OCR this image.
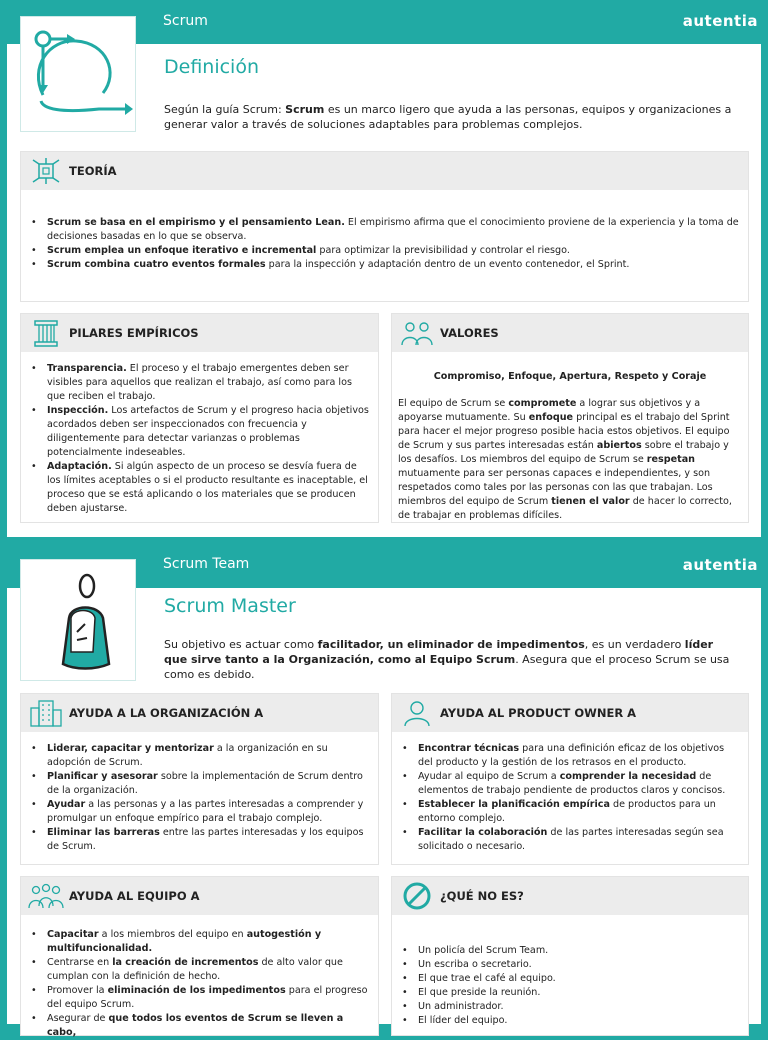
Scrum	autentia
Definición
Según la guía Scrum: Scrum es un marco ligero que ayuda a las personas, equipos y organizaciones a generar valor a través de soluciones adaptables para problemas complejos.
TEORÍA
• Scrum se basa en el empirismo y el pensamiento Lean. El empirismo afirma que el conocimiento proviene de la experiencia y la toma de decisiones basadas en lo que se observa.
• Scrum emplea un enfoque iterativo e incremental para optimizar la previsibilidad y controlar el riesgo.
• Scrum combina cuatro eventos formales para la inspección y adaptación dentro de un evento contenedor, el Sprint.
PILARES EMPÍRICOS
• Transparencia. El proceso y el trabajo emergentes deben ser visibles para aquellos que realizan el trabajo, así como para los que reciben el trabajo.
• Inspección. Los artefactos de Scrum y el progreso hacia objetivos acordados deben ser inspeccionados con frecuencia y diligentemente para detectar varianzas o problemas potencialmente indeseables.
• Adaptación. Si algún aspecto de un proceso se desvía fuera de los límites aceptables o si el producto resultante es inaceptable, el proceso que se está aplicando o los materiales que se producen deben ajustarse.
VALORES

Compromiso, Enfoque, Apertura, Respeto y Coraje

El equipo de Scrum se compromete a lograr sus objetivos y a apoyarse mutuamente. Su enfoque principal es el trabajo del Sprint para hacer el mejor progreso posible hacia estos objetivos. El equipo de Scrum y sus partes interesadas están abiertos sobre el trabajo y los desafíos. Los miembros del equipo de Scrum se respetan mutuamente para ser personas capaces e independientes, y son respetados como tales por las personas con las que trabajan. Los miembros del equipo de Scrum tienen el valor de hacer lo correcto, de trabajar en problemas difíciles.

Scrum Team	autentia
Scrum Master
Su objetivo es actuar como facilitador, un eliminador de impedimentos, es un verdadero líder que sirve tanto a la Organización, como al Equipo Scrum. Asegura que el proceso Scrum se usa como es debido.
AYUDA A LA ORGANIZACIÓN A
• Liderar, capacitar y mentorizar a la organización en su adopción de Scrum.
• Planificar y asesorar sobre la implementación de Scrum dentro de la organización.
• Ayudar a las personas y a las partes interesadas a comprender y promulgar un enfoque empírico para el trabajo complejo.
• Eliminar las barreras entre las partes interesadas y los equipos de Scrum.
AYUDA AL PRODUCT OWNER A
• Encontrar técnicas para una definición eficaz de los objetivos del producto y la gestión de los retrasos en el producto.
• Ayudar al equipo de Scrum a comprender la necesidad de elementos de trabajo pendiente de productos claros y concisos.
• Establecer la planificación empírica de productos para un entorno complejo.
• Facilitar la colaboración de las partes interesadas según sea solicitado o necesario.
AYUDA AL EQUIPO A
• Capacitar a los miembros del equipo en autogestión y multifuncionalidad.
• Centrarse en la creación de incrementos de alto valor que cumplan con la definición de hecho.
• Promover la eliminación de los impedimentos para el progreso del equipo Scrum.
• Asegurar de que todos los eventos de Scrum se lleven a cabo,
¿QUÉ NO ES?
• Un policía del Scrum Team.
• Un escriba o secretario.
• El que trae el café al equipo.
• El que preside la reunión.
• Un administrador.
• El líder del equipo.
